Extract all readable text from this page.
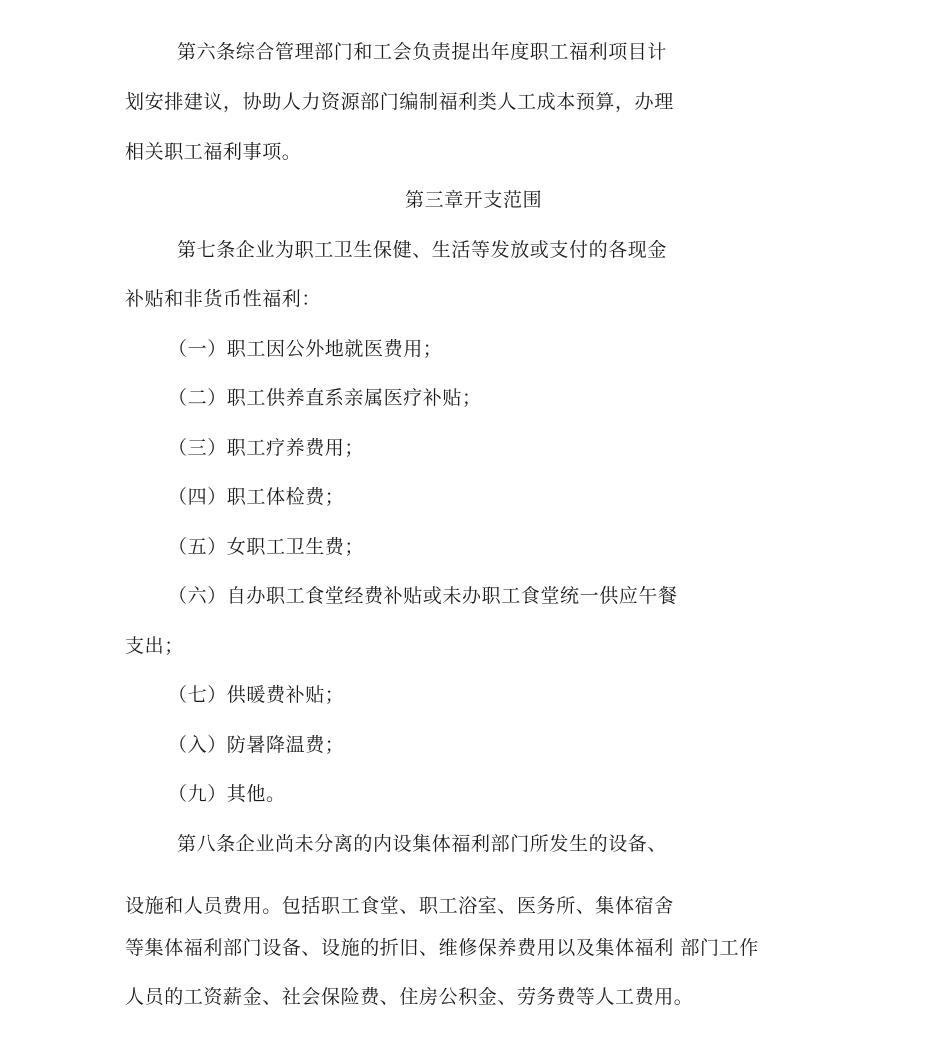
第六条综合管理部门和工会负责提出年度职工福利项目计
划安排建议，协助人力资源部门编制福利类人工成本预算，办理
相关职工福利事项。
第三章开支范围
第七条企业为职工卫生保健、生活等发放或支付的各现金
补贴和非货币性福利：
（一）职工因公外地就医费用；
（二）职工供养直系亲属医疗补贴；
（三）职工疗养费用；
（四）职工体检费；
（五）女职工卫生费；
（六）自办职工食堂经费补贴或未办职工食堂统一供应午餐
支出；
（七）供暖费补贴；
（入）防暑降温费；
（九）其他。
第八条企业尚未分离的内设集体福利部门所发生的设备、
设施和人员费用。包括职工食堂、职工浴室、医务所、集体宿舍
等集体福利部门设备、设施的折旧、维修保养费用以及集体福利 部门工作
人员的工资薪金、社会保险费、住房公积金、劳务费等人工费用。
